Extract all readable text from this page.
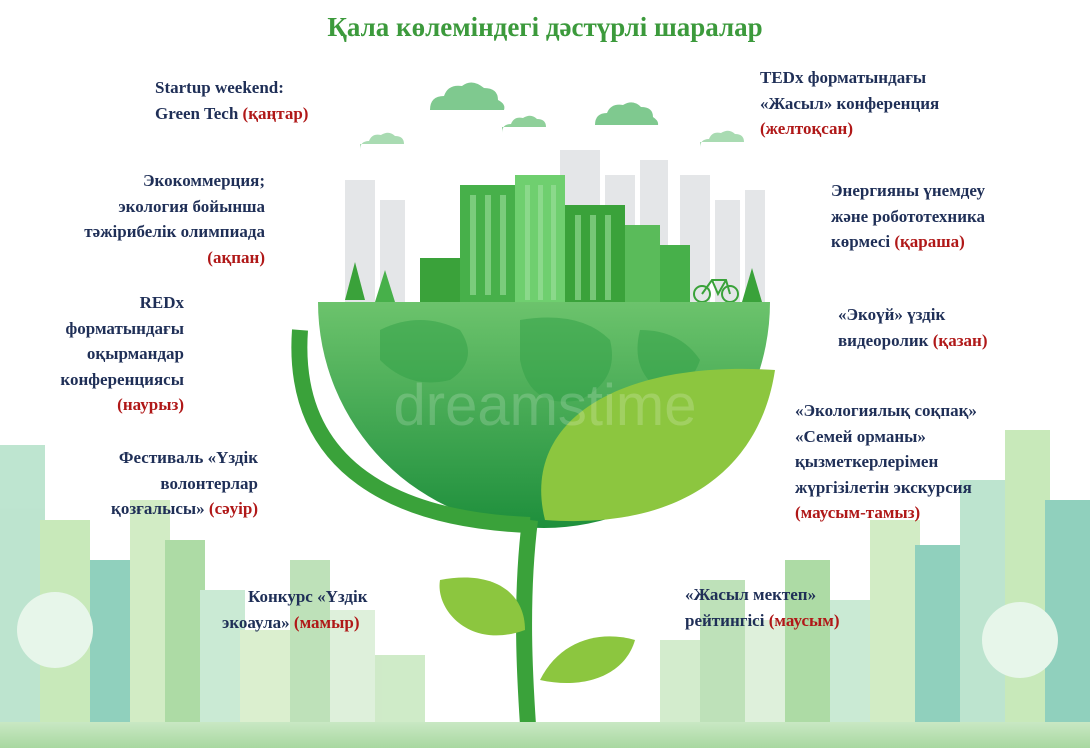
dreamstime
Қала көлеміндегі дәстүрлі шаралар
Startup weekend:
Green Tech (қаңтар)
Экокоммерция;
экология бойынша
тәжірибелік олимпиада
(ақпан)
REDx
форматындағы
оқырмандар
конференциясы
(наурыз)
Фестиваль «Үздік
волонтерлар
қозғалысы» (сәуір)
Конкурс «Үздік
экоаула» (мамыр)
TEDx форматындағы
«Жасыл» конференция
(желтоқсан)
Энергияны үнемдеу
және робототехника
көрмесі (қараша)
«Экоүй» үздік
видеоролик (қазан)
«Экологиялық соқпақ»
«Семей орманы»
қызметкерлерімен
жүргізілетін экскурсия
(маусым-тамыз)
«Жасыл мектеп»
рейтингісі (маусым)
